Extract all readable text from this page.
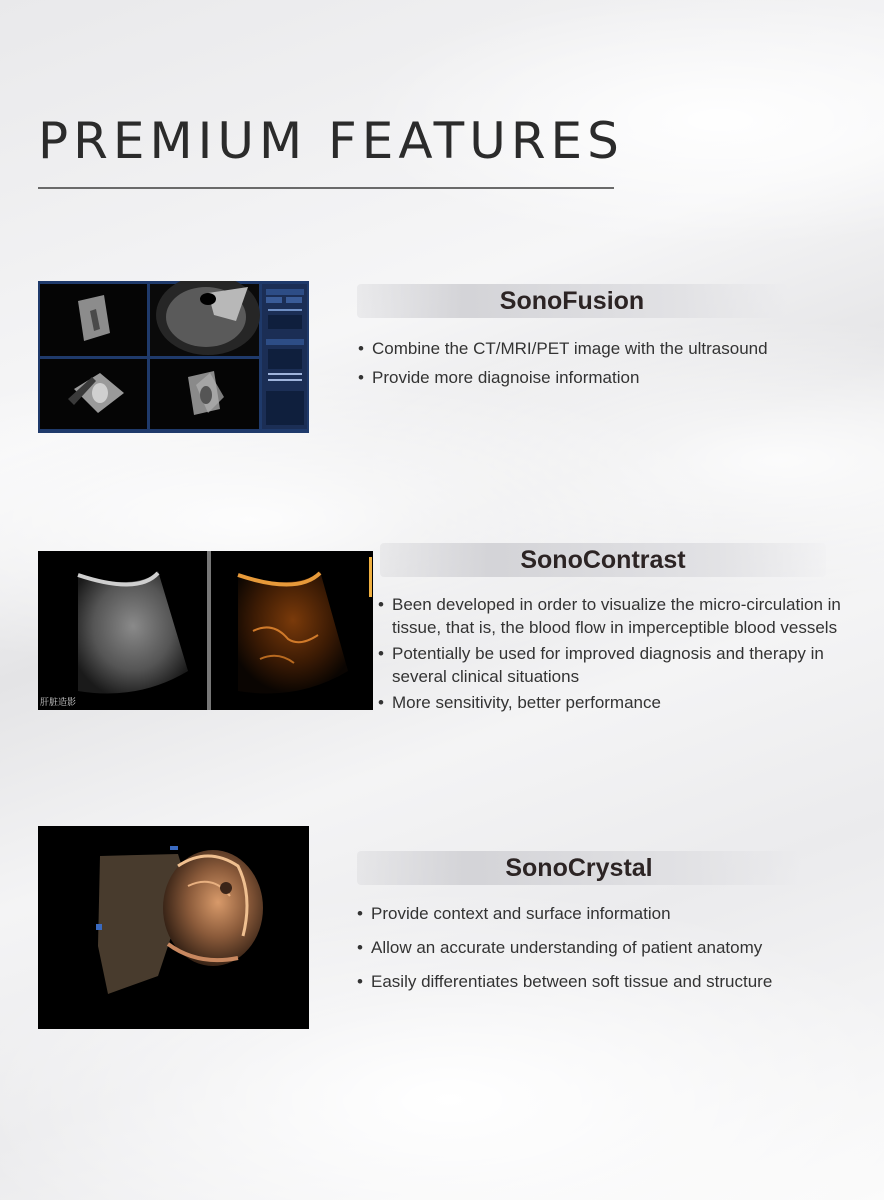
PREMIUM FEATURES
SonoFusion
• Combine the CT/MRI/PET image with the ultrasound
• Provide more diagnoise information
肝脏造影
SonoContrast
• Been developed in order to visualize the micro-circulation in tissue, that is, the blood flow in imperceptible blood vessels
• Potentially be used for improved diagnosis and therapy in several clinical situations
• More sensitivity, better performance
SonoCrystal
• Provide context and surface information
• Allow an accurate understanding of patient anatomy
• Easily differentiates between soft tissue and structure
